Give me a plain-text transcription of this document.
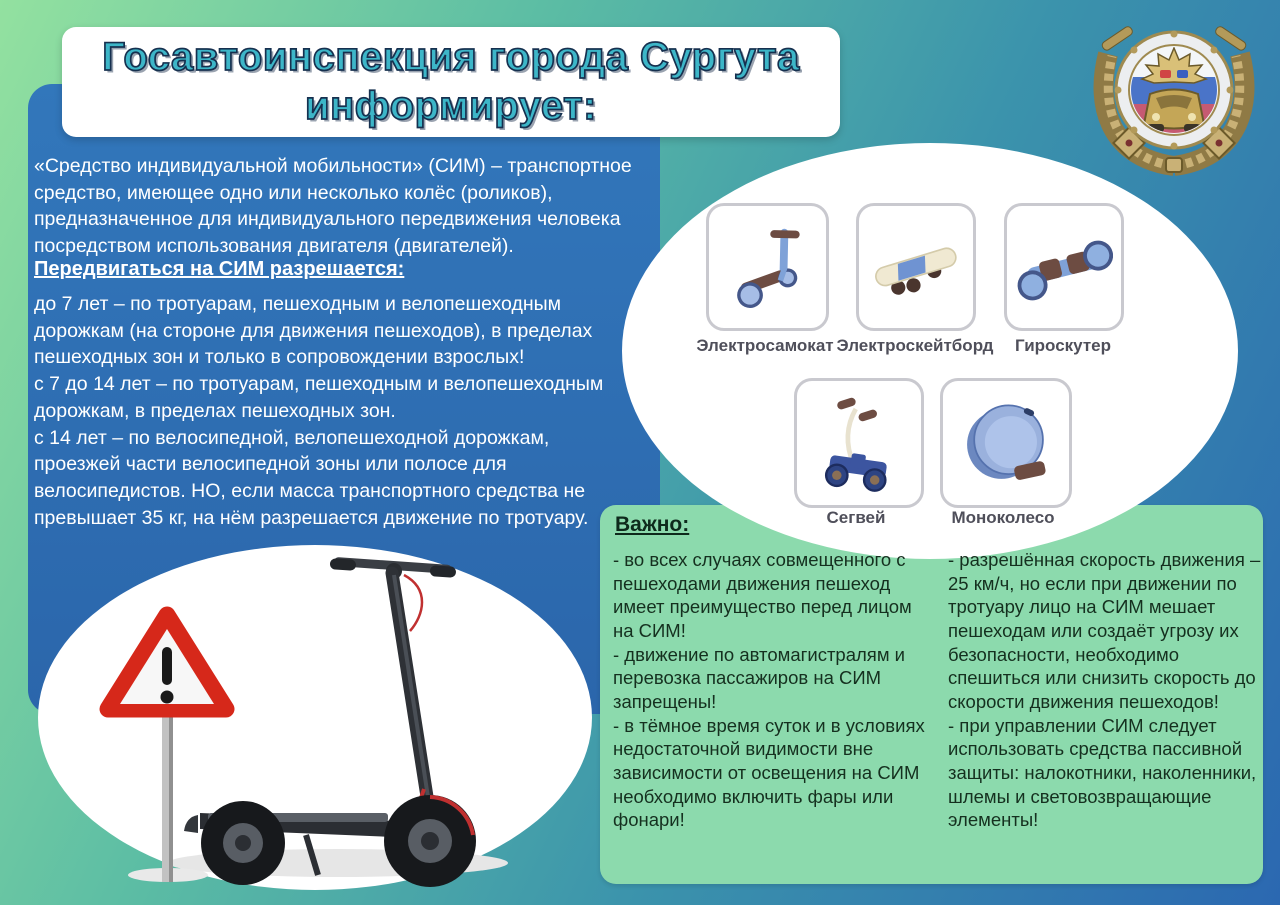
Госавтоинспекция города Сургута
информирует:
«Средство индивидуальной мобильности» (СИМ) – транспортное средство, имеющее одно или несколько колёс (роликов), предназначенное для индивидуального передвижения человека посредством использования двигателя (двигателей).
Передвигаться на СИМ разрешается:
до 7 лет – по тротуарам, пешеходным и велопешеходным дорожкам (на стороне для движения пешеходов), в пределах пешеходных зон и только в сопровождении взрослых!
с 7 до 14 лет – по тротуарам, пешеходным и велопешеходным дорожкам, в пределах пешеходных зон.
с 14 лет – по велосипедной, велопешеходной дорожкам, проезжей части велосипедной зоны или полосе для велосипедистов. НО, если масса транспортного средства не превышает 35 кг, на нём разрешается движение по тротуару.
Электросамокат Электроскейтборд	Гироскутер
Сегвей	Моноколесо
Важно:
- во всех случаях совмещенного с пешеходами движения пешеход имеет преимущество перед лицом на СИМ!
- движение по автомагистралям и перевозка пассажиров на СИМ запрещены!
- в тёмное время суток и в условиях недостаточной видимости вне зависимости от освещения на СИМ необходимо включить фары или фонари!
- разрешённая скорость движения – 25 км/ч, но если при движении по тротуару лицо на СИМ мешает пешеходам или создаёт угрозу их безопасности, необходимо спешиться или снизить скорость до скорости движения пешеходов!
- при управлении СИМ следует использовать средства пассивной защиты: налокотники, наколенники, шлемы и световозвращающие элементы!
